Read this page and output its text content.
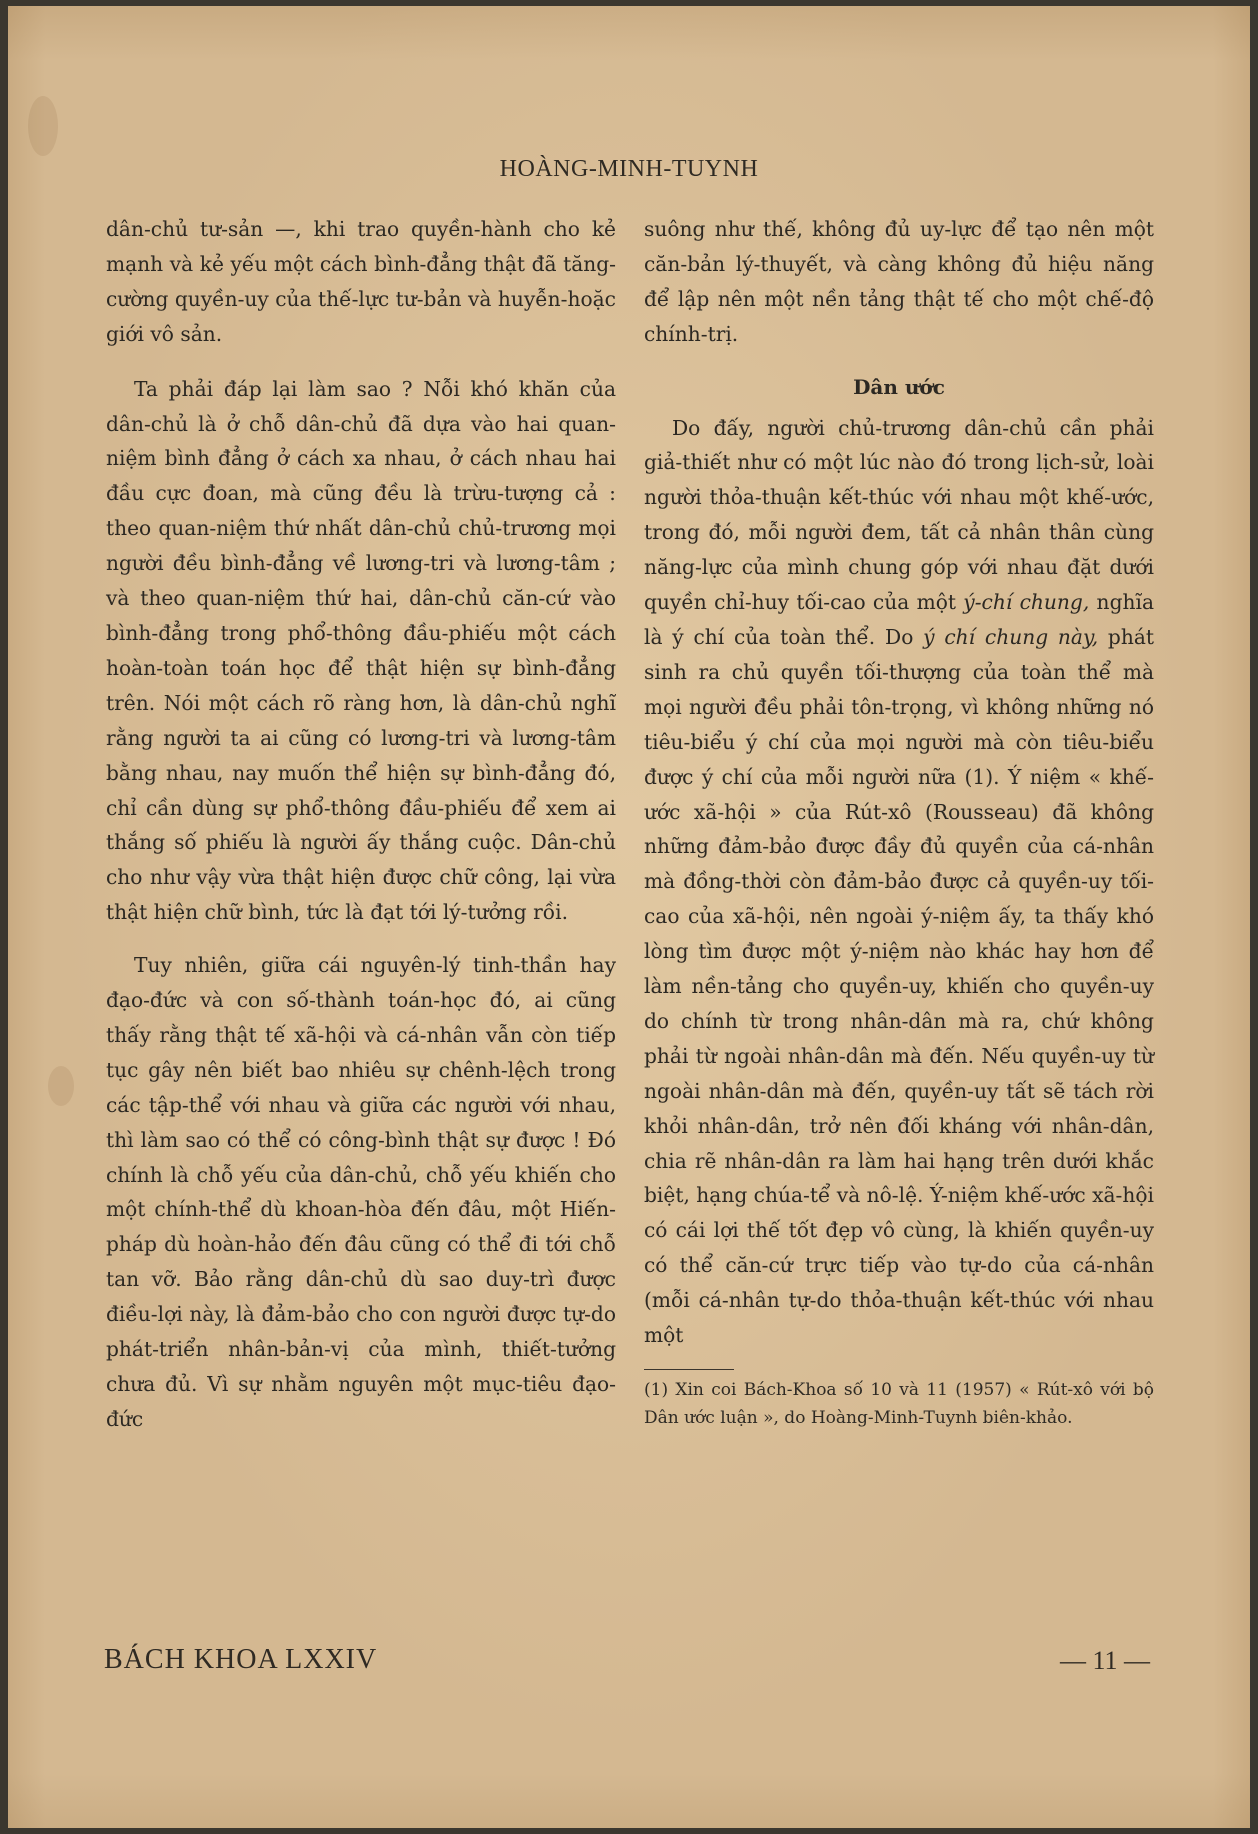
HOÀNG-MINH-TUYNH

dân-chủ tư-sản —, khi trao quyền-hành cho kẻ mạnh và kẻ yếu một cách bình-đẳng thật đã tăng-cường quyền-uy của thế-lực tư-bản và huyễn-hoặc giới vô sản.

Ta phải đáp lại làm sao ? Nỗi khó khăn của dân-chủ là ở chỗ dân-chủ đã dựa vào hai quan-niệm bình đẳng ở cách xa nhau, ở cách nhau hai đầu cực đoan, mà cũng đều là trừu-tượng cả : theo quan-niệm thứ nhất dân-chủ chủ-trương mọi người đều bình-đẳng về lương-tri và lương-tâm ; và theo quan-niệm thứ hai, dân-chủ căn-cứ vào bình-đẳng trong phổ-thông đầu-phiếu một cách hoàn-toàn toán học để thật hiện sự bình-đẳng trên. Nói một cách rõ ràng hơn, là dân-chủ nghĩ rằng người ta ai cũng có lương-tri và lương-tâm bằng nhau, nay muốn thể hiện sự bình-đẳng đó, chỉ cần dùng sự phổ-thông đầu-phiếu để xem ai thắng số phiếu là người ấy thắng cuộc. Dân-chủ cho như vậy vừa thật hiện được chữ công, lại vừa thật hiện chữ bình, tức là đạt tới lý-tưởng rồi.

Tuy nhiên, giữa cái nguyên-lý tinh-thần hay đạo-đức và con số-thành toán-học đó, ai cũng thấy rằng thật tế xã-hội và cá-nhân vẫn còn tiếp tục gây nên biết bao nhiêu sự chênh-lệch trong các tập-thể với nhau và giữa các người với nhau, thì làm sao có thể có công-bình thật sự được ! Đó chính là chỗ yếu của dân-chủ, chỗ yếu khiến cho một chính-thể dù khoan-hòa đến đâu, một Hiến-pháp dù hoàn-hảo đến đâu cũng có thể đi tới chỗ tan vỡ. Bảo rằng dân-chủ dù sao duy-trì được điều-lợi này, là đảm-bảo cho con người được tự-do phát-triển nhân-bản-vị của mình, thiết-tưởng chưa đủ. Vì sự nhằm nguyên một mục-tiêu đạo-đức

suông như thế, không đủ uy-lực để tạo nên một căn-bản lý-thuyết, và càng không đủ hiệu năng để lập nên một nền tảng thật tế cho một chế-độ chính-trị.

Dân ước

Do đấy, người chủ-trương dân-chủ cần phải giả-thiết như có một lúc nào đó trong lịch-sử, loài người thỏa-thuận kết-thúc với nhau một khế-ước, trong đó, mỗi người đem, tất cả nhân thân cùng năng-lực của mình chung góp với nhau đặt dưới quyền chỉ-huy tối-cao của một ý-chí chung, nghĩa là ý chí của toàn thể. Do ý chí chung này, phát sinh ra chủ quyền tối-thượng của toàn thể mà mọi người đều phải tôn-trọng, vì không những nó tiêu-biểu ý chí của mọi người mà còn tiêu-biểu được ý chí của mỗi người nữa (1). Ý niệm « khế-ước xã-hội » của Rút-xô (Rousseau) đã không những đảm-bảo được đầy đủ quyền của cá-nhân mà đồng-thời còn đảm-bảo được cả quyền-uy tối-cao của xã-hội, nên ngoài ý-niệm ấy, ta thấy khó lòng tìm được một ý-niệm nào khác hay hơn để làm nền-tảng cho quyền-uy, khiến cho quyền-uy do chính từ trong nhân-dân mà ra, chứ không phải từ ngoài nhân-dân mà đến. Nếu quyền-uy từ ngoài nhân-dân mà đến, quyền-uy tất sẽ tách rời khỏi nhân-dân, trở nên đối kháng với nhân-dân, chia rẽ nhân-dân ra làm hai hạng trên dưới khắc biệt, hạng chúa-tể và nô-lệ. Ý-niệm khế-ước xã-hội có cái lợi thế tốt đẹp vô cùng, là khiến quyền-uy có thể căn-cứ trực tiếp vào tự-do của cá-nhân (mỗi cá-nhân tự-do thỏa-thuận kết-thúc với nhau một

(1) Xin coi Bách-Khoa số 10 và 11 (1957) « Rút-xô với bộ Dân ước luận », do Hoàng-Minh-Tuynh biên-khảo.
BÁCH KHOA LXXIV	— 11 —
